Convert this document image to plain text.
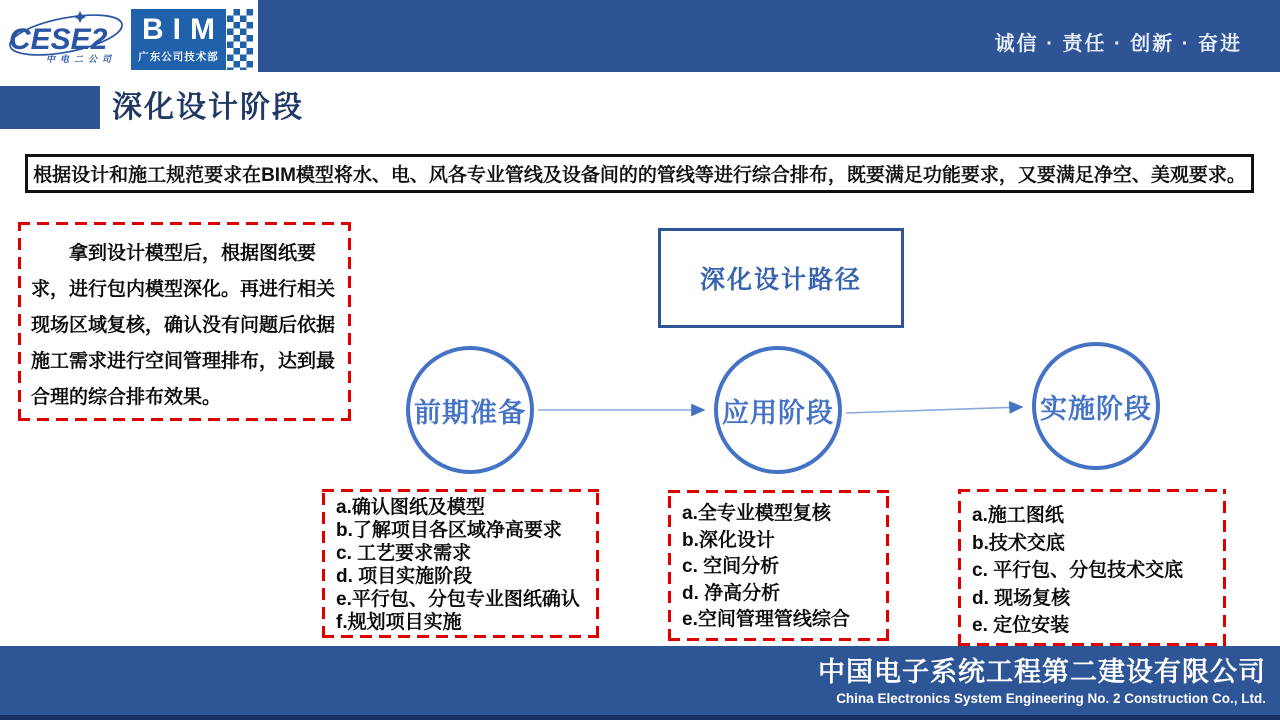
诚信 · 责任 · 创新 · 奋进
CESE2
中电二公司
BIM
广东公司技术部
深化设计阶段
根据设计和施工规范要求在BIM模型将水、电、风各专业管线及设备间的的管线等进行综合排布，既要满足功能要求，又要满足净空、美观要求。

拿到设计模型后，根据图纸要求，进行包内模型深化。再进行相关现场区域复核，确认没有问题后依据施工需求进行空间管理排布，达到最合理的综合排布效果。

深化设计路径
前期准备	应用阶段	实施阶段
a.确认图纸及模型
b.了解项目各区域净高要求
c. 工艺要求需求
d. 项目实施阶段
e.平行包、分包专业图纸确认
f.规划项目实施
a.全专业模型复核
b.深化设计
c. 空间分析
d. 净高分析
e.空间管理管线综合
a.施工图纸
b.技术交底
c. 平行包、分包技术交底
d. 现场复核
e. 定位安装
中国电子系统工程第二建设有限公司
China Electronics System Engineering No. 2 Construction Co., Ltd.
